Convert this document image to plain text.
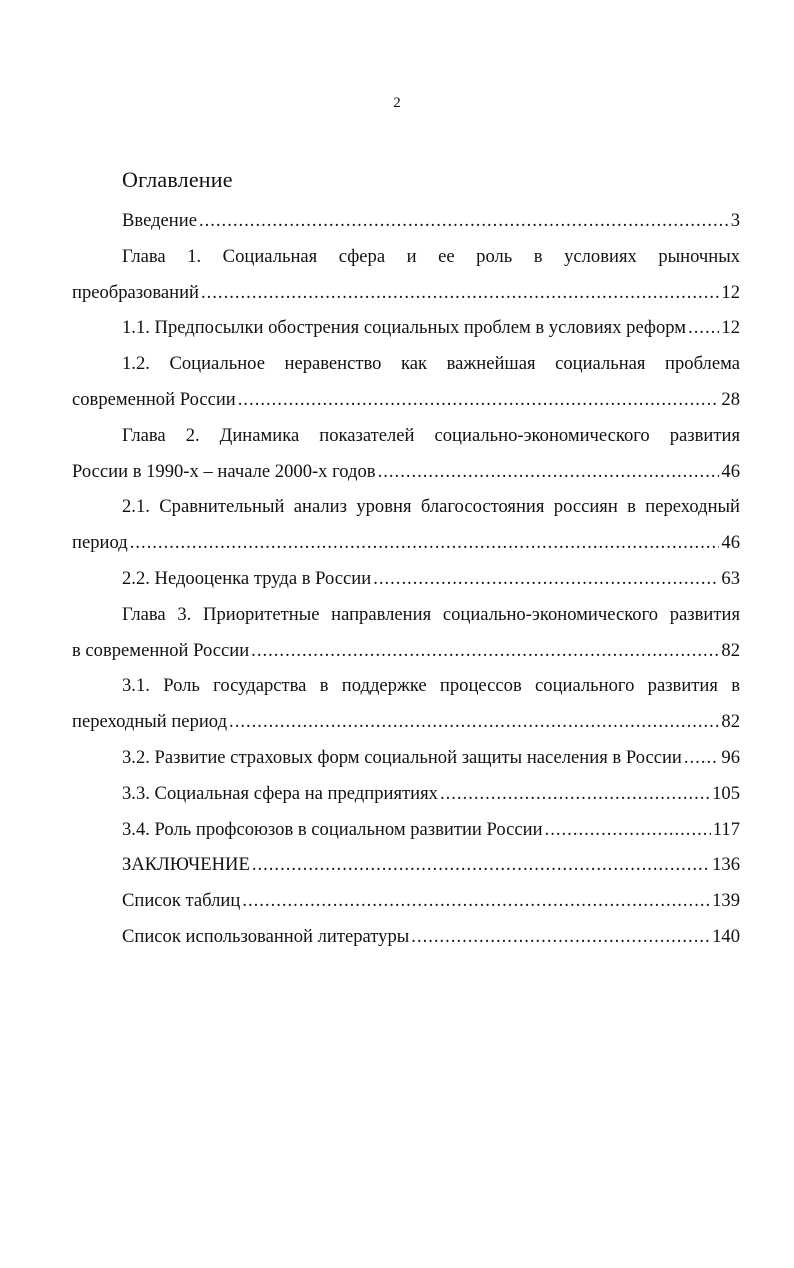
2
Оглавление
Введение .....	3
Глава 1. Социальная сфера и ее роль в условиях рыночных
преобразований .....	12
1.1. Предпосылки обострения социальных проблем в условиях реформ ..... 12
1.2. Социальное неравенство как важнейшая социальная проблема
современной России .....	28
Глава 2. Динамика показателей социально-экономического развития
России в 1990-х – начале 2000-х годов .....	46
2.1. Сравнительный анализ уровня благосостояния россиян в переходный
период .....	46
2.2. Недооценка труда в России .....	63
Глава 3. Приоритетные направления социально-экономического развития
в современной России .....	82
3.1. Роль государства в поддержке процессов социального развития в
переходный период .....	82
3.2. Развитие страховых форм социальной защиты населения в России ..... 96
3.3. Социальная сфера на предприятиях .....	105
3.4. Роль профсоюзов в социальном развитии России .....	117
ЗАКЛЮЧЕНИЕ .....	136
Список таблиц .....	139
Список использованной литературы .....	140
